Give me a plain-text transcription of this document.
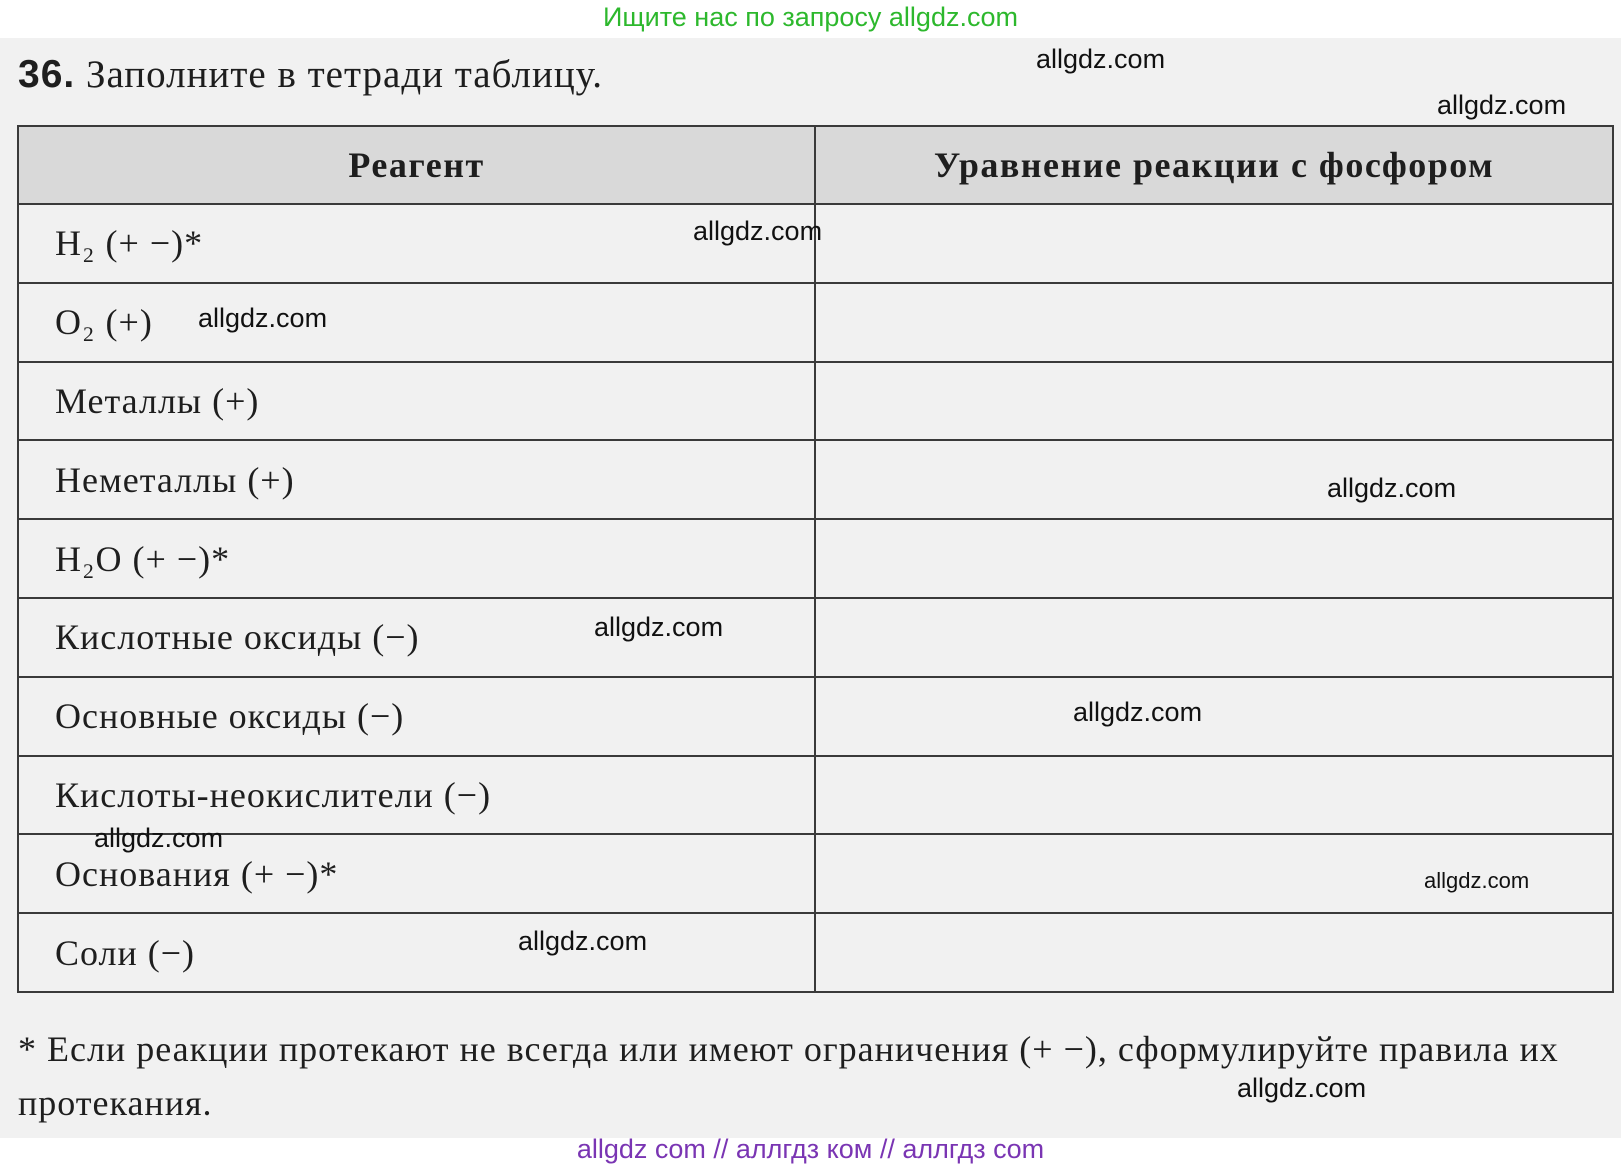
Ищите нас по запросу allgdz.com
36. Заполните в тетради таблицу.
Реагент	Уравнение реакции с фосфором
H₂ (+ −)*	
O₂ (+)	
Металлы (+)	
Неметаллы (+)	
H₂O (+ −)*	
Кислотные оксиды (−)	
Основные оксиды (−)	
Кислоты-неокислители (−)	
Основания (+ −)*	
Соли (−)	
* Если реакции протекают не всегда или имеют ограничения (+ −), сформулируйте правила их протекания.
allgdz.com
allgdz.com
allgdz.com
allgdz.com
allgdz.com
allgdz.com
allgdz.com
allgdz.com
allgdz.com
allgdz.com
allgdz.com
allgdz com // аллгдз ком // аллгдз com
